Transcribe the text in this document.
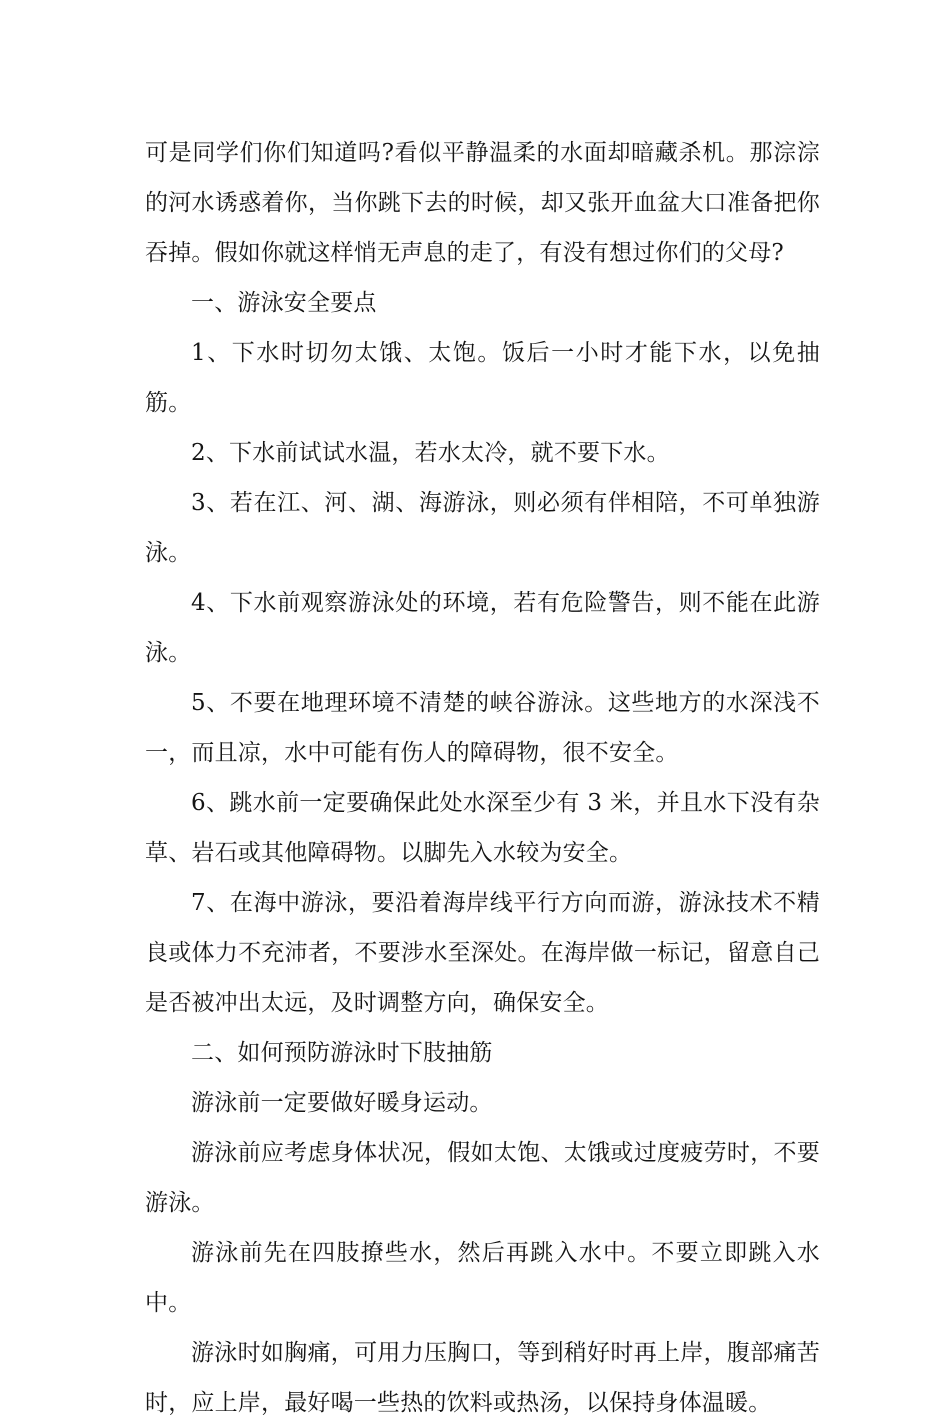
可是同学们你们知道吗?看似平静温柔的水面却暗藏杀机。那淙淙的河水诱惑着你，当你跳下去的时候，却又张开血盆大口准备把你吞掉。假如你就这样悄无声息的走了，有没有想过你们的父母?

一、游泳安全要点

1、下水时切勿太饿、太饱。饭后一小时才能下水，以免抽筋。

2、下水前试试水温，若水太冷，就不要下水。

3、若在江、河、湖、海游泳，则必须有伴相陪，不可单独游泳。

4、下水前观察游泳处的环境，若有危险警告，则不能在此游泳。

5、不要在地理环境不清楚的峡谷游泳。这些地方的水深浅不一，而且凉，水中可能有伤人的障碍物，很不安全。

6、跳水前一定要确保此处水深至少有 3 米，并且水下没有杂草、岩石或其他障碍物。以脚先入水较为安全。

7、在海中游泳，要沿着海岸线平行方向而游，游泳技术不精良或体力不充沛者，不要涉水至深处。在海岸做一标记，留意自己是否被冲出太远，及时调整方向，确保安全。

二、如何预防游泳时下肢抽筋

游泳前一定要做好暖身运动。

游泳前应考虑身体状况，假如太饱、太饿或过度疲劳时，不要游泳。

游泳前先在四肢撩些水，然后再跳入水中。不要立即跳入水中。

游泳时如胸痛，可用力压胸口，等到稍好时再上岸，腹部痛苦时，应上岸，最好喝一些热的饮料或热汤，以保持身体温暖。
